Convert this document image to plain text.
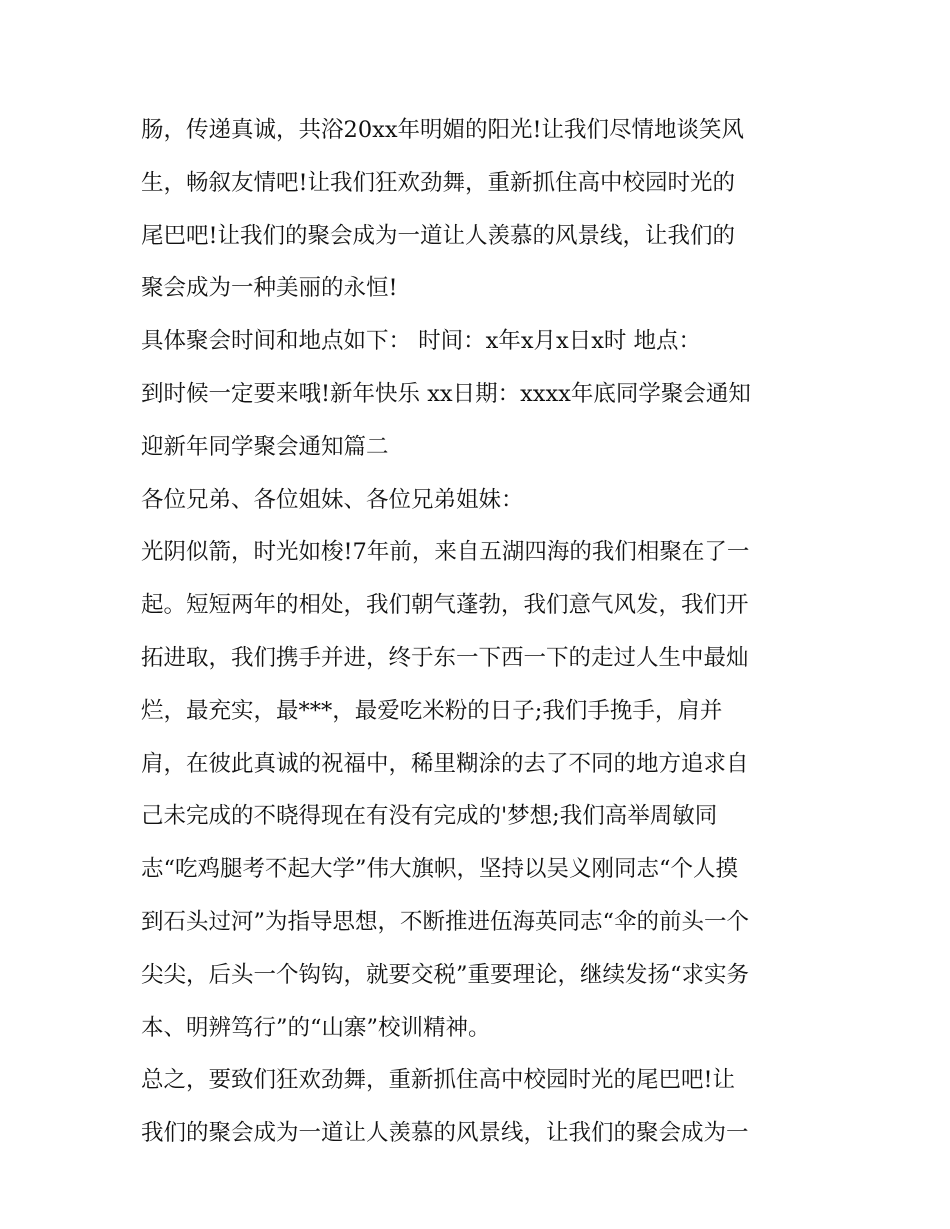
肠，传递真诚，共浴20xx年明媚的阳光!让我们尽情地谈笑风
生，畅叙友情吧!让我们狂欢劲舞，重新抓住高中校园时光的
尾巴吧!让我们的聚会成为一道让人羡慕的风景线，让我们的
聚会成为一种美丽的永恒!
具体聚会时间和地点如下： 时间：x年x月x日x时 地点：
到时候一定要来哦!新年快乐 xx日期：xxxx年底同学聚会通知
迎新年同学聚会通知篇二
各位兄弟、各位姐妹、各位兄弟姐妹：
光阴似箭，时光如梭!7年前，来自五湖四海的我们相聚在了一
起。短短两年的相处，我们朝气蓬勃，我们意气风发，我们开
拓进取，我们携手并进，终于东一下西一下的走过人生中最灿
烂，最充实，最***，最爱吃米粉的日子;我们手挽手，肩并
肩，在彼此真诚的祝福中，稀里糊涂的去了不同的地方追求自
己未完成的不晓得现在有没有完成的'梦想;我们高举周敏同
志“吃鸡腿考不起大学”伟大旗帜，坚持以吴义刚同志“个人摸
到石头过河”为指导思想，不断推进伍海英同志“伞的前头一个
尖尖，后头一个钩钩，就要交税”重要理论，继续发扬“求实务
本、明辨笃行”的“山寨”校训精神。
总之，要致们狂欢劲舞，重新抓住高中校园时光的尾巴吧!让
我们的聚会成为一道让人羡慕的风景线，让我们的聚会成为一
